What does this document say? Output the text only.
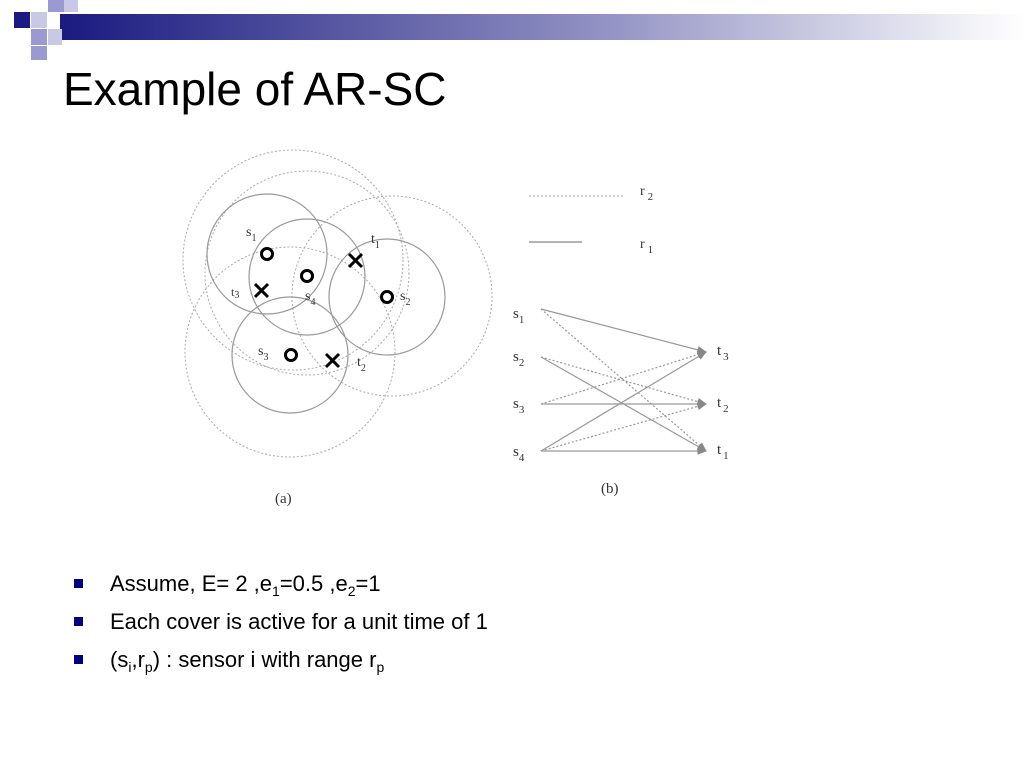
Example of AR-SC
$s_1$
$s_4$	$s_2$
$s_3$
$t_1$
t3
$t_2$
(a)
r $_2$
r $_1$
$s_1$
$s_2$
$s_3$
$s_4$
t $_3$
t $_2$
t $_1$
(b)
Assume, E= 2 $,e_1=0.5$ $,e_2=1$
Each cover is active for a unit time of 1
$(s_i,r_p)$ : sensor i with range $r_p$
